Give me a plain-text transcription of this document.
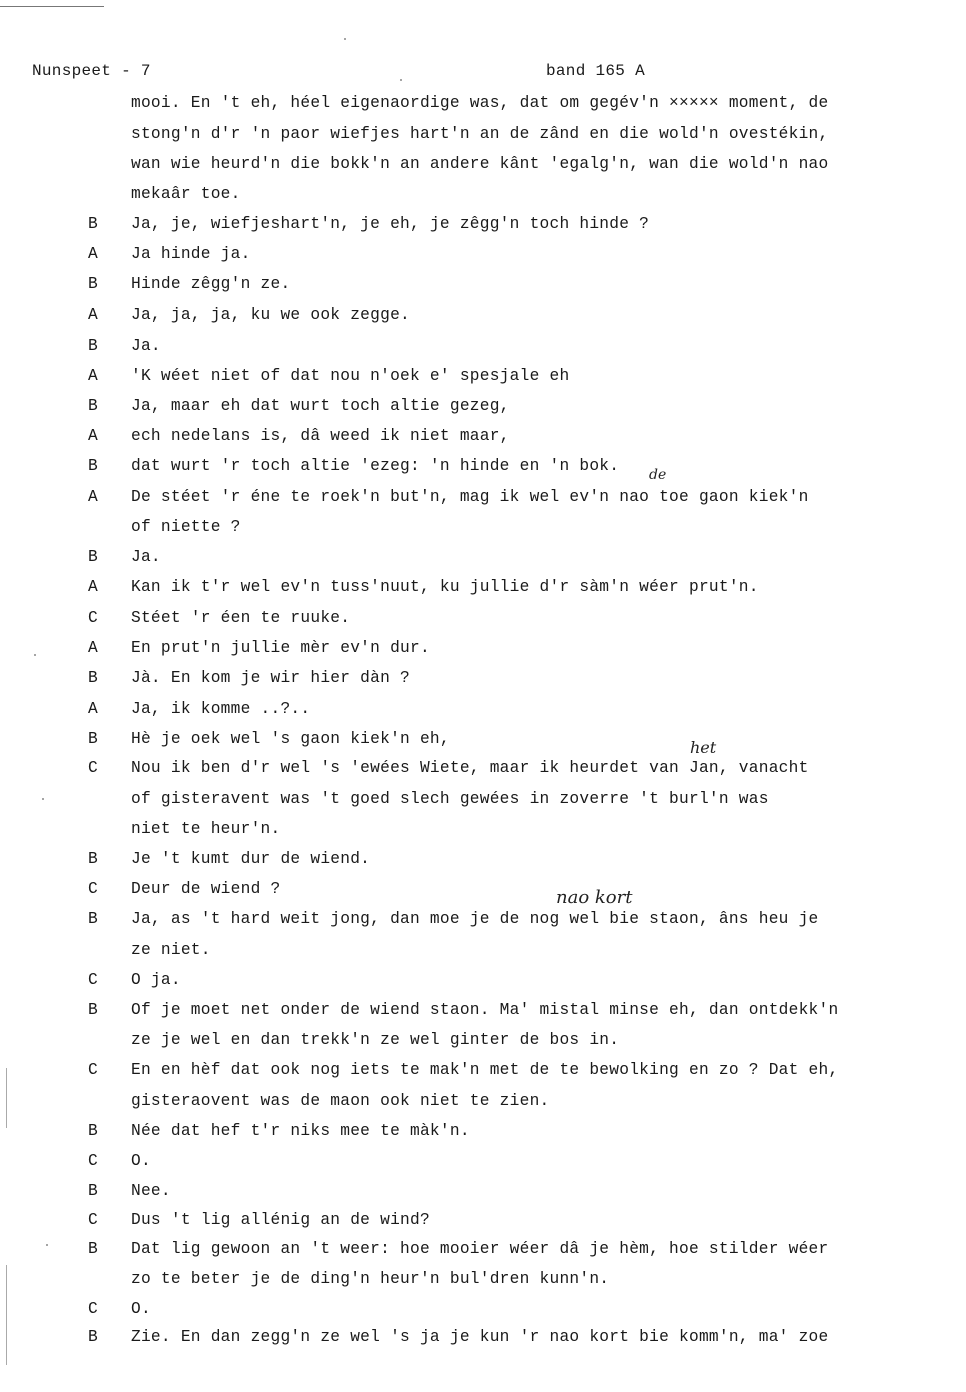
Nunspeet - 7	band 165 A
mooi. En 't eh, héel eigenaordige was, dat om gegév'n ××××× moment, de
stong'n d'r 'n paor wiefjes hart'n an de zând en die wold'n ovestékin,
wan wie heurd'n die bokk'n an andere kânt 'egalg'n, wan die wold'n nao
mekaâr toe.
B Ja, je, wiefjeshart'n, je eh, je zêgg'n toch hinde ?
A Ja hinde ja.
B Hinde zêgg'n ze.
A Ja, ja, ja, ku we ook zegge.
B Ja.
A 'K wéet niet of dat nou n'oek e' spesjale eh
B Ja, maar eh dat wurt toch altie gezeg,
A ech nedelans is, dâ weed ik niet maar,
B dat wurt 'r toch altie 'ezeg: 'n hinde en 'n bok.
A De stéet 'r éne te roek'n but'n, mag ik wel ev'n nao toe gaon kiek'n
of niette ?
B Ja.
A Kan ik t'r wel ev'n tuss'nuut, ku jullie d'r sàm'n wéer prut'n.
C Stéet 'r éen te ruuke.
A En prut'n jullie mèr ev'n dur.
B Jà. En kom je wir hier dàn ?
A Ja, ik komme ..?..
B Hè je oek wel 's gaon kiek'n eh,
C Nou ik ben d'r wel 's 'ewées Wiete, maar ik heurdet van Jan, vanacht
of gisteravent was 't goed slech gewées in zoverre 't burl'n was
niet te heur'n.
B Je 't kumt dur de wiend.
C Deur de wiend ?
B Ja, as 't hard weit jong, dan moe je de nog wel bie staon, âns heu je
ze niet.
C O ja.
B Of je moet net onder de wiend staon. Ma' mistal minse eh, dan ontdekk'n
ze je wel en dan trekk'n ze wel ginter de bos in.
C En en hèf dat ook nog iets te mak'n met de te bewolking en zo ? Dat eh,
gisteraovent was de maon ook niet te zien.
B Née dat hef t'r niks mee te màk'n.
C O.
B Nee.
C Dus 't lig allénig an de wind?
B Dat lig gewoon an 't weer: hoe mooier wéer dâ je hèm, hoe stilder wéer
zo te beter je de ding'n heur'n bul'dren kunn'n.
C O.
B Zie. En dan zegg'n ze wel 's ja je kun 'r nao kort bie komm'n, ma' zoe
de
het
nao kort
